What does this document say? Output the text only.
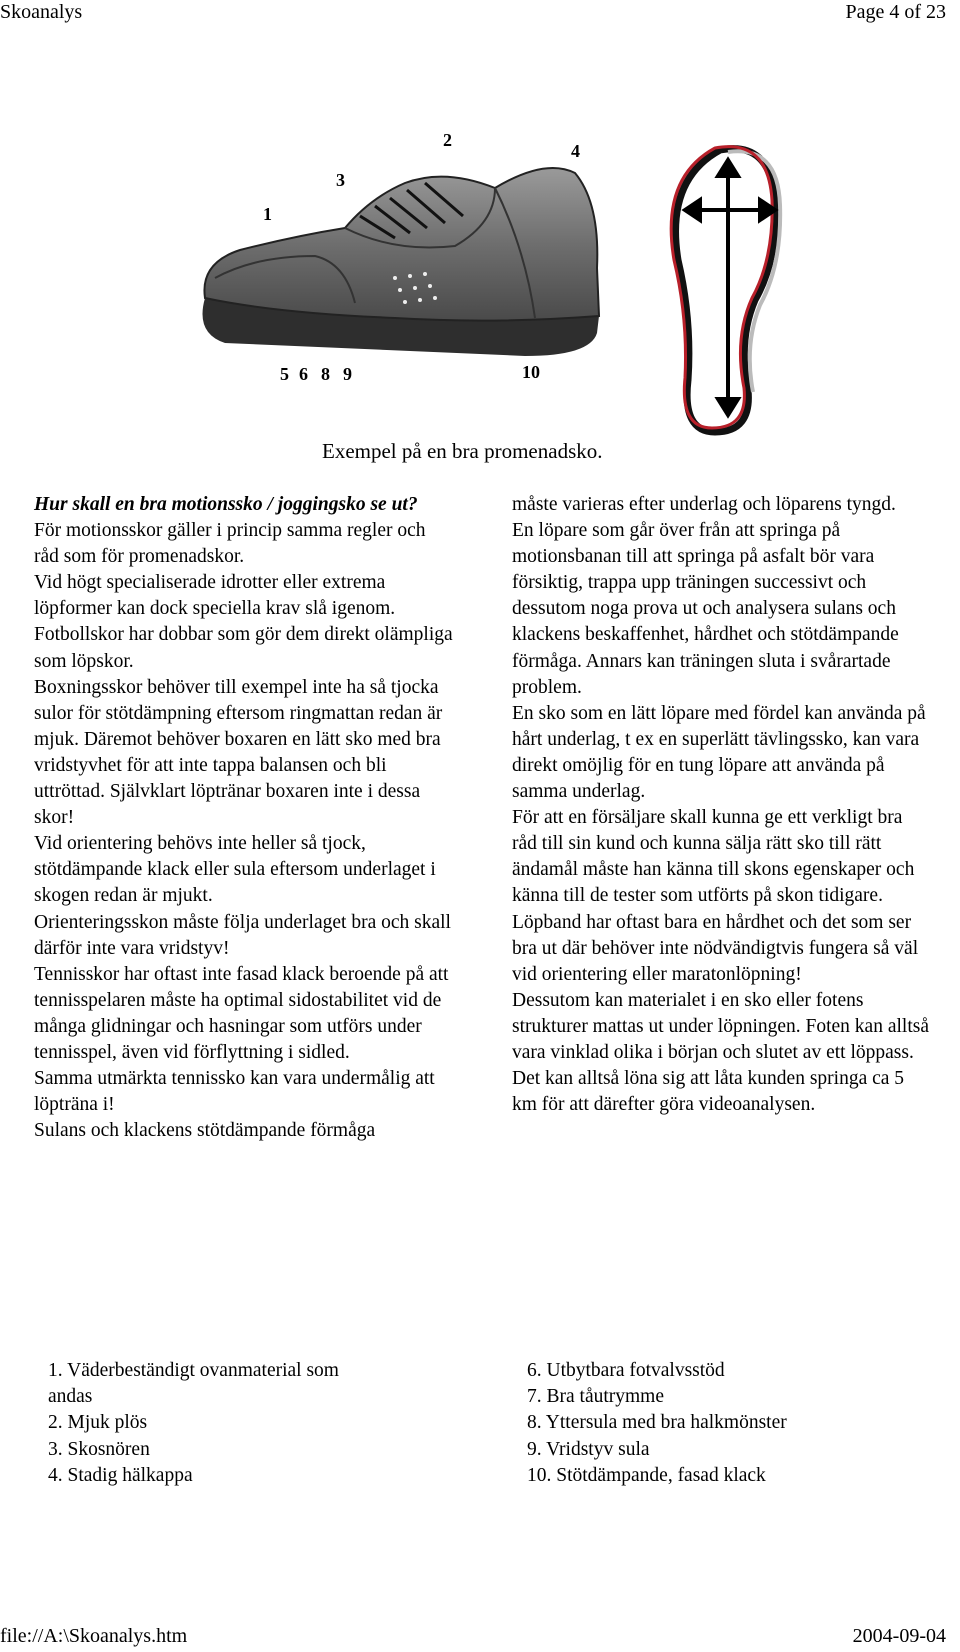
Skoanalys	Page 4 of 23
1
2
3
4
5 6 8 9	10
Exempel på en bra promenadsko.

Hur skall en bra motionssko / joggingsko se ut?

För motionsskor gäller i princip samma regler och råd som för promenadskor.

Vid högt specialiserade idrotter eller extrema löpformer kan dock speciella krav slå igenom.

Fotbollskor har dobbar som gör dem direkt olämpliga som löpskor.

Boxningsskor behöver till exempel inte ha så tjocka sulor för stötdämpning eftersom ringmattan redan är mjuk. Däremot behöver boxaren en lätt sko med bra vridstyvhet för att inte tappa balansen och bli uttröttad. Självklart löptränar boxaren inte i dessa skor!

Vid orientering behövs inte heller så tjock, stötdämpande klack eller sula eftersom underlaget i skogen redan är mjukt.

Orienteringsskon måste följa underlaget bra och skall därför inte vara vridstyv!

Tennisskor har oftast inte fasad klack beroende på att tennisspelaren måste ha optimal sidostabilitet vid de många glidningar och hasningar som utförs under tennisspel, även vid förflyttning i sidled.

Samma utmärkta tennissko kan vara undermålig att löpträna i!

Sulans och klackens stötdämpande förmåga

måste varieras efter underlag och löparens tyngd.

En löpare som går över från att springa på motionsbanan till att springa på asfalt bör vara försiktig, trappa upp träningen successivt och dessutom noga prova ut och analysera sulans och klackens beskaffenhet, hårdhet och stötdämpande förmåga. Annars kan träningen sluta i svårartade problem.

En sko som en lätt löpare med fördel kan använda på hårt underlag, t ex en superlätt tävlingssko, kan vara direkt omöjlig för en tung löpare att använda på samma underlag.

För att en försäljare skall kunna ge ett verkligt bra råd till sin kund och kunna sälja rätt sko till rätt ändamål måste han känna till skons egenskaper och känna till de tester som utförts på skon tidigare.

Löpband har oftast bara en hårdhet och det som ser bra ut där behöver inte nödvändigtvis fungera så väl vid orientering eller maratonlöpning!

Dessutom kan materialet i en sko eller fotens strukturer mattas ut under löpningen. Foten kan alltså vara vinklad olika i början och slutet av ett löppass.

Det kan alltså löna sig att låta kunden springa ca 5 km för att därefter göra videoanalysen.

1. Väderbeständigt ovanmaterial som andas
2. Mjuk plös
3. Skosnören
4. Stadig hälkappa
6. Utbytbara fotvalvsstöd
7. Bra tåutrymme
8. Yttersula med bra halkmönster
9. Vridstyv sula
10. Stötdämpande, fasad klack
file://A:\Skoanalys.htm	2004-09-04
